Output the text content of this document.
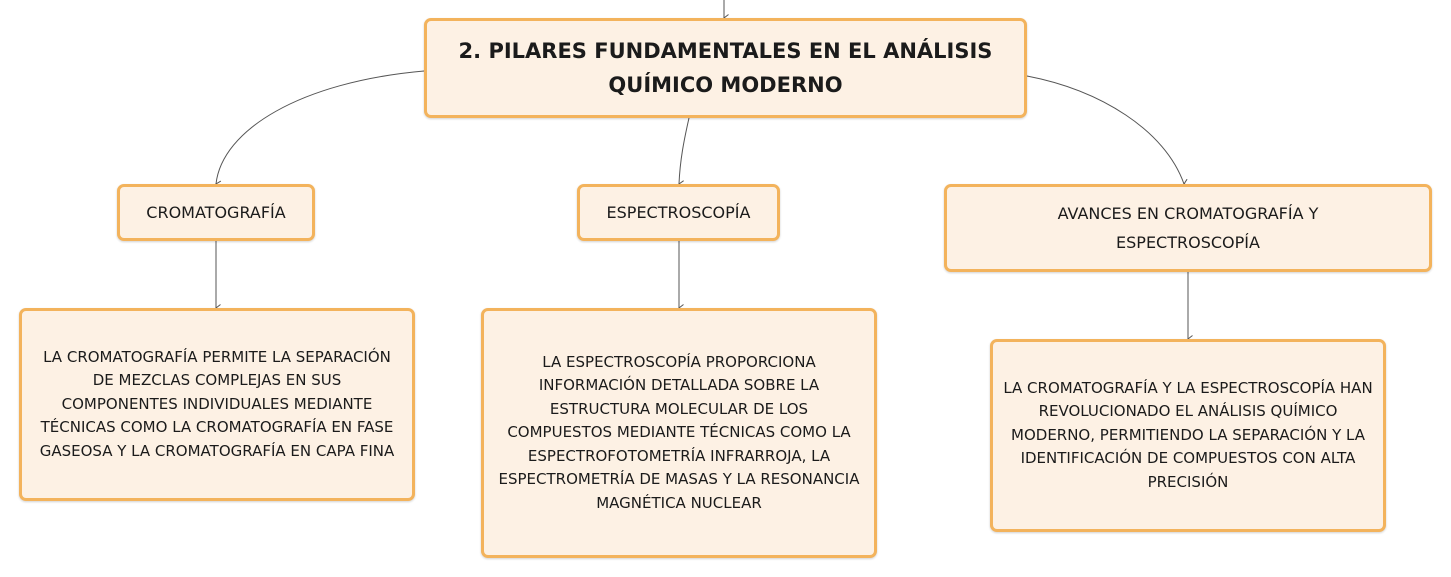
2. PILARES FUNDAMENTALES EN EL ANÁLISIS QUÍMICO MODERNO
CROMATOGRAFÍA	ESPECTROSCOPÍA	AVANCES EN CROMATOGRAFÍA Y ESPECTROSCOPÍA
LA CROMATOGRAFÍA PERMITE LA SEPARACIÓN DE MEZCLAS COMPLEJAS EN SUS COMPONENTES INDIVIDUALES MEDIANTE TÉCNICAS COMO LA CROMATOGRAFÍA EN FASE GASEOSA Y LA CROMATOGRAFÍA EN CAPA FINA
LA ESPECTROSCOPÍA PROPORCIONA INFORMACIÓN DETALLADA SOBRE LA ESTRUCTURA MOLECULAR DE LOS COMPUESTOS MEDIANTE TÉCNICAS COMO LA ESPECTROFOTOMETRÍA INFRARROJA, LA ESPECTROMETRÍA DE MASAS Y LA RESONANCIA MAGNÉTICA NUCLEAR
LA CROMATOGRAFÍA Y LA ESPECTROSCOPÍA HAN REVOLUCIONADO EL ANÁLISIS QUÍMICO MODERNO, PERMITIENDO LA SEPARACIÓN Y LA IDENTIFICACIÓN DE COMPUESTOS CON ALTA PRECISIÓN
